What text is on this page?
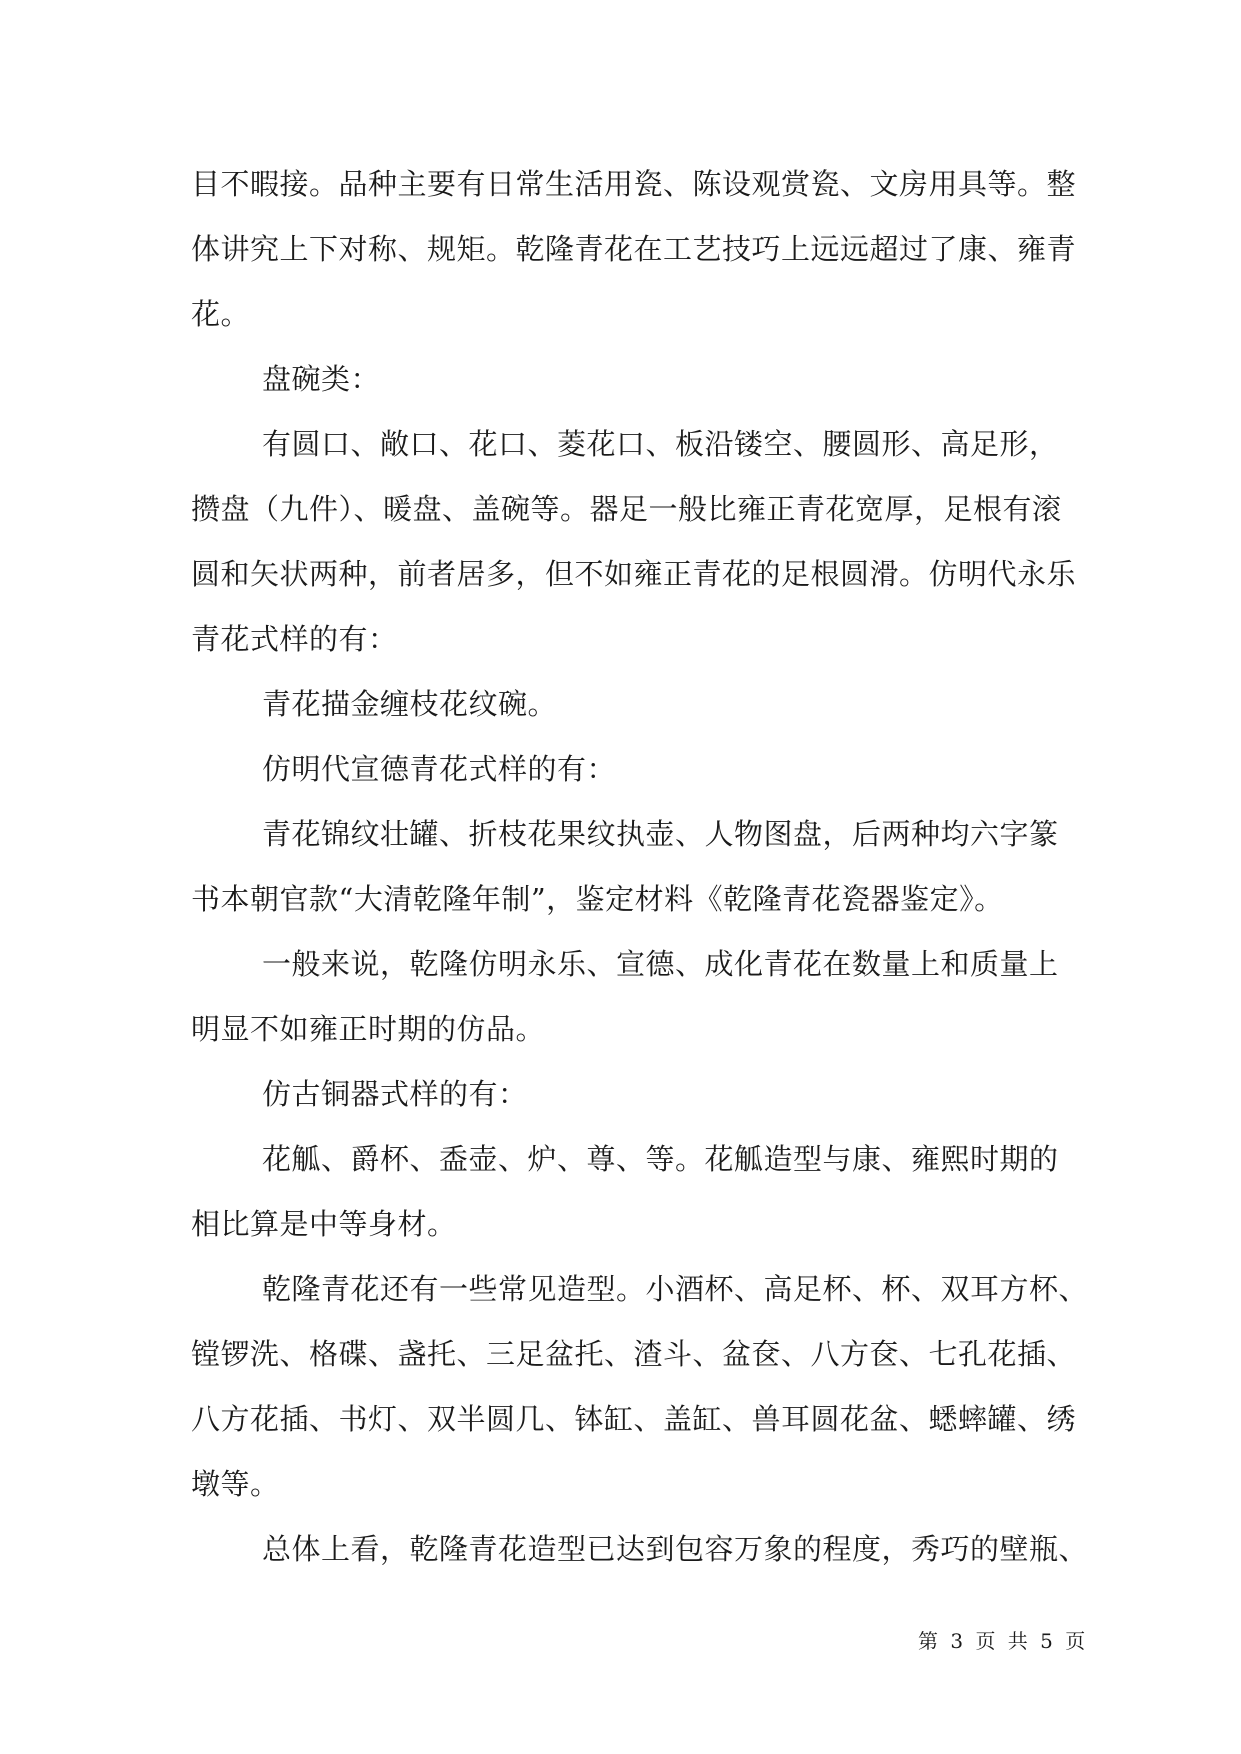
目不暇接。品种主要有日常生活用瓷、陈设观赏瓷、文房用具等。整
体讲究上下对称、规矩。乾隆青花在工艺技巧上远远超过了康、雍青
花。
盘碗类：
有圆口、敞口、花口、菱花口、板沿镂空、腰圆形、高足形，
攒盘（九件）、暖盘、盖碗等。器足一般比雍正青花宽厚，足根有滚
圆和矢状两种，前者居多，但不如雍正青花的足根圆滑。仿明代永乐
青花式样的有：
青花描金缠枝花纹碗。
仿明代宣德青花式样的有：
青花锦纹壮罐、折枝花果纹执壶、人物图盘，后两种均六字篆
书本朝官款“大清乾隆年制”，鉴定材料《乾隆青花瓷器鉴定》。
一般来说，乾隆仿明永乐、宣德、成化青花在数量上和质量上
明显不如雍正时期的仿品。
仿古铜器式样的有：
花觚、爵杯、盉壶、炉、尊、等。花觚造型与康、雍熙时期的
相比算是中等身材。
乾隆青花还有一些常见造型。小酒杯、高足杯、杯、双耳方杯、
镗锣洗、格碟、盏托、三足盆托、渣斗、盆奁、八方奁、七孔花插、
八方花插、书灯、双半圆几、钵缸、盖缸、兽耳圆花盆、蟋蟀罐、绣
墩等。
总体上看，乾隆青花造型已达到包容万象的程度，秀巧的壁瓶、
第 3 页 共 5 页
